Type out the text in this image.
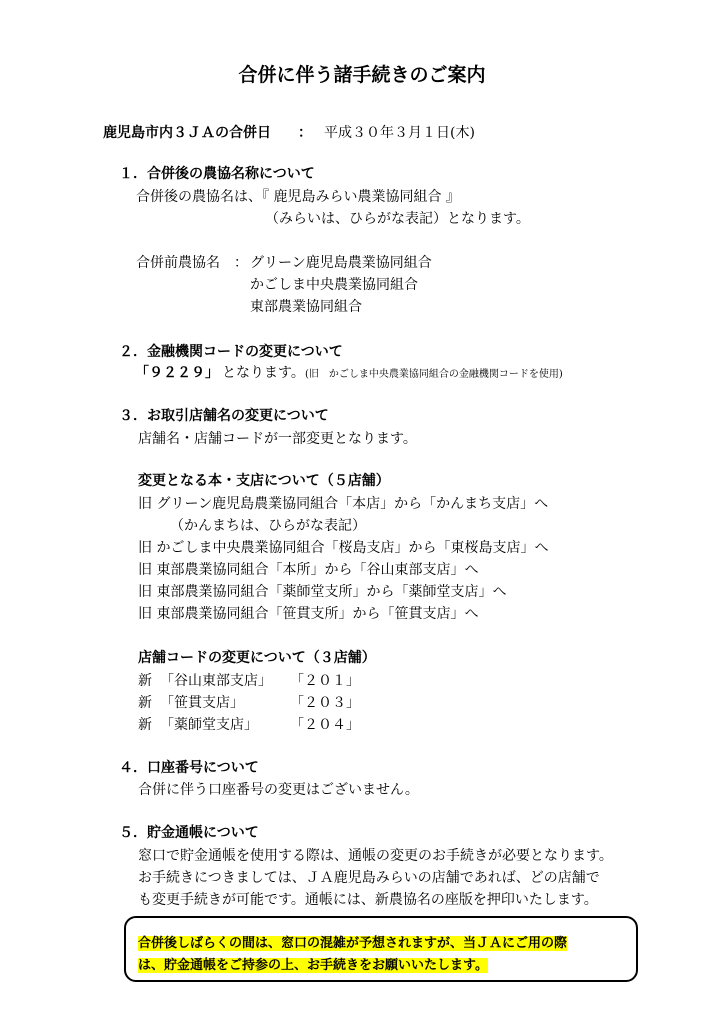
合併に伴う諸手続きのご案内
鹿児島市内３ＪＡの合併日 ： 平成３０年３月１日(木)
１．合併後の農協名称について
合併後の農協名は、『 鹿児島みらい農業協同組合 』
（みらいは、ひらがな表記）となります。
合併前農協名　： グリーン鹿児島農業協同組合
かごしま中央農業協同組合
東部農業協同組合
２．金融機関コードの変更について
「９２２９」 となります。 (旧　かごしま中央農業協同組合の金融機関コードを使用)
３．お取引店舗名の変更について
店舗名・店舗コードが一部変更となります。
変更となる本・支店について（５店舗）
旧 グリーン鹿児島農業協同組合「本店」から「かんまち支店」へ
（かんまちは、ひらがな表記）
旧 かごしま中央農業協同組合「桜島支店」から「東桜島支店」へ
旧 東部農業協同組合「本所」から「谷山東部支店」へ
旧 東部農業協同組合「薬師堂支所」から「薬師堂支店」へ
旧 東部農業協同組合「笹貫支所」から「笹貫支店」へ
店舗コードの変更について（３店舗）
新 「谷山東部支店」 「２０１」
新 「笹貫支店」	「２０３」
新 「薬師堂支店」 「２０４」
４．口座番号について
合併に伴う口座番号の変更はございません。
５．貯金通帳について
窓口で貯金通帳を使用する際は、通帳の変更のお手続きが必要となります。
お手続きにつきましては、ＪＡ鹿児島みらいの店舗であれば、どの店舗で
も変更手続きが可能です。通帳には、新農協名の座版を押印いたします。
合併後しばらくの間は、窓口の混雑が予想されますが、当ＪＡにご用の際
は、貯金通帳をご持参の上、お手続きをお願いいたします。
